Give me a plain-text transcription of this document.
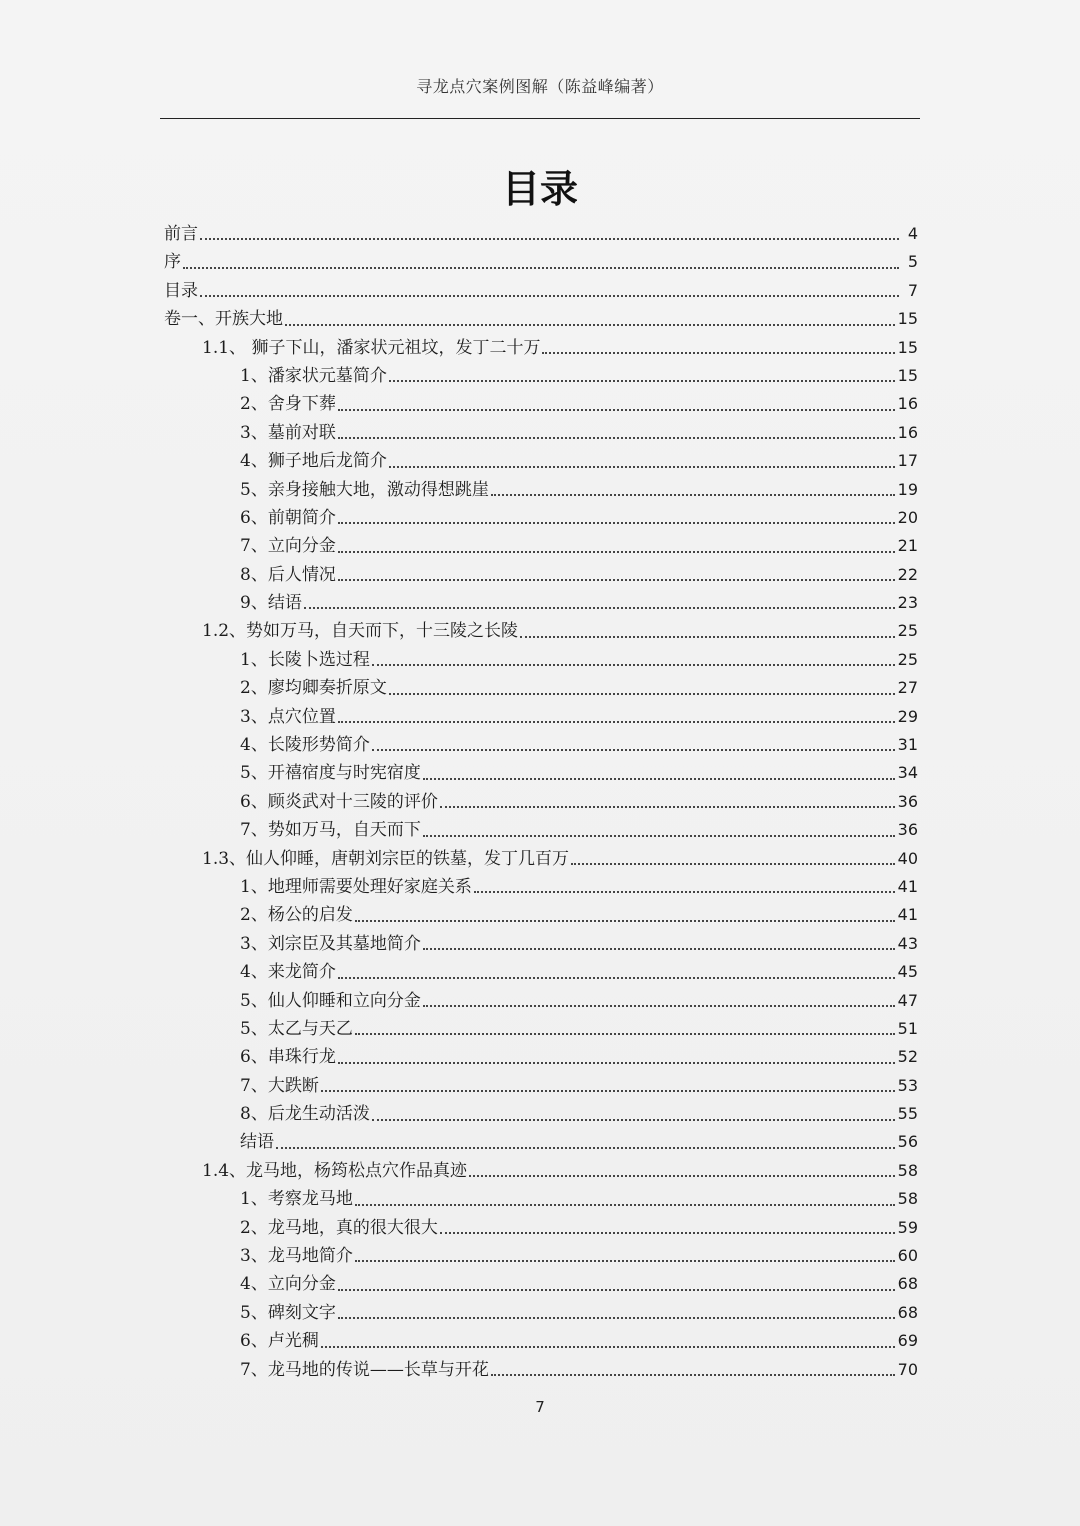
寻龙点穴案例图解（陈益峰编著）
目录
前言	4
序	5
目录	7
卷一、开族大地	15
1.1、 狮子下山，潘家状元祖坟，发丁二十万	15
1、潘家状元墓简介	15
2、舍身下葬	16
3、墓前对联	16
4、狮子地后龙简介	17
5、亲身接触大地，激动得想跳崖	19
6、前朝简介	20
7、立向分金	21
8、后人情况	22
9、结语	23
1.2、势如万马，自天而下，十三陵之长陵	25
1、长陵卜选过程	25
2、廖均卿奏折原文	27
3、点穴位置	29
4、长陵形势简介	31
5、开禧宿度与时宪宿度	34
6、顾炎武对十三陵的评价	36
7、势如万马，自天而下	36
1.3、仙人仰睡，唐朝刘宗臣的铁墓，发丁几百万	40
1、地理师需要处理好家庭关系	41
2、杨公的启发	41
3、刘宗臣及其墓地简介	43
4、来龙简介	45
5、仙人仰睡和立向分金	47
5、太乙与天乙	51
6、串珠行龙	52
7、大跌断	53
8、后龙生动活泼	55
结语	56
1.4、龙马地，杨筠松点穴作品真迹	58
1、考察龙马地	58
2、龙马地，真的很大很大	59
3、龙马地简介	60
4、立向分金	68
5、碑刻文字	68
6、卢光稠	69
7、龙马地的传说——长草与开花	70
7
